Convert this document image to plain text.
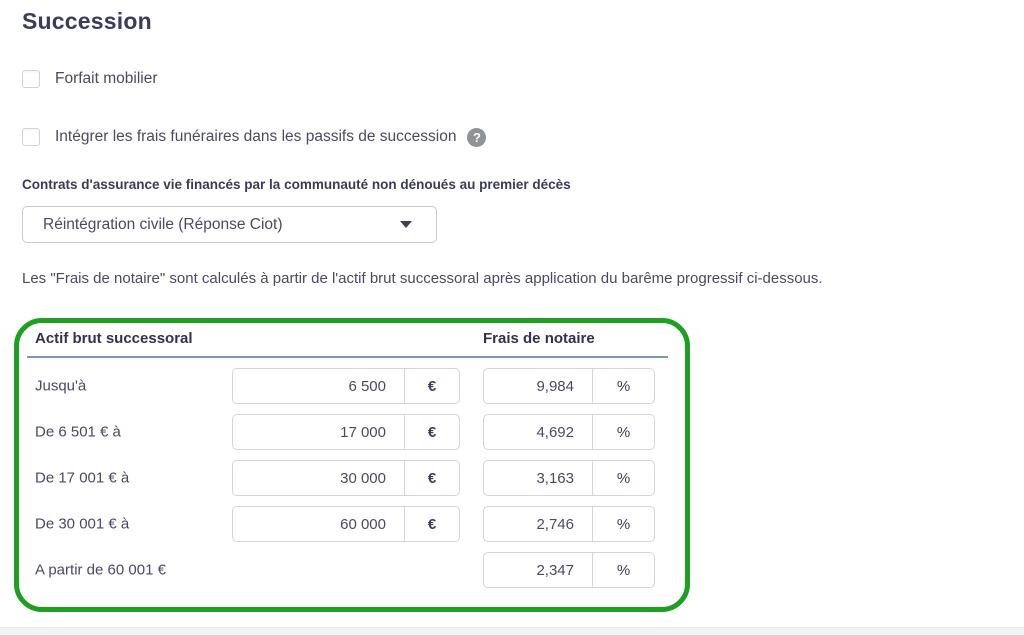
Succession
Forfait mobilier
Intégrer les frais funéraires dans les passifs de succession	?
Contrats d'assurance vie financés par la communauté non dénoués au premier décès
Réintégration civile (Réponse Ciot)

Les "Frais de notaire" sont calculés à partir de l'actif brut successoral après application du barême progressif ci-dessous.

Actif brut successoral	Frais de notaire
Jusqu'à	6 500	€	9,984	%
De 6 501 € à	17 000	€	4,692	%
De 17 001 € à	30 000	€	3,163	%
De 30 001 € à	60 000	€	2,746	%
A partir de 60 001 €	2,347	%
